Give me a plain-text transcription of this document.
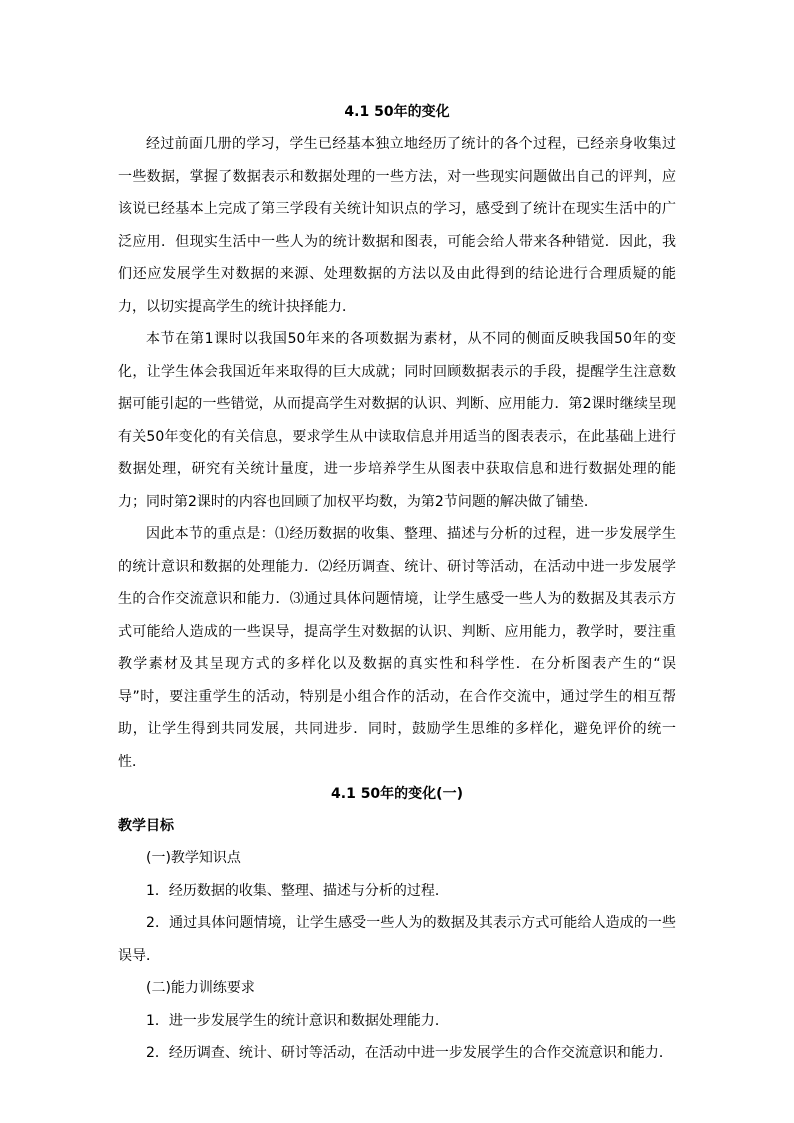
4.1 50年的变化

经过前面几册的学习，学生已经基本独立地经历了统计的各个过程，已经亲身收集过一些数据，掌握了数据表示和数据处理的一些方法，对一些现实问题做出自己的评判，应该说已经基本上完成了第三学段有关统计知识点的学习，感受到了统计在现实生活中的广泛应用．但现实生活中一些人为的统计数据和图表，可能会给人带来各种错觉．因此，我们还应发展学生对数据的来源、处理数据的方法以及由此得到的结论进行合理质疑的能力，以切实提高学生的统计抉择能力．

本节在第1课时以我国50年来的各项数据为素材，从不同的侧面反映我国50年的变化，让学生体会我国近年来取得的巨大成就；同时回顾数据表示的手段，提醒学生注意数据可能引起的一些错觉，从而提高学生对数据的认识、判断、应用能力．第2课时继续呈现有关50年变化的有关信息，要求学生从中读取信息并用适当的图表表示，在此基础上进行数据处理，研究有关统计量度，进一步培养学生从图表中获取信息和进行数据处理的能力；同时第2课时的内容也回顾了加权平均数，为第2节问题的解决做了铺垫．

因此本节的重点是：⑴经历数据的收集、整理、描述与分析的过程，进一步发展学生的统计意识和数据的处理能力．⑵经历调查、统计、研讨等活动，在活动中进一步发展学生的合作交流意识和能力．⑶通过具体问题情境，让学生感受一些人为的数据及其表示方式可能给人造成的一些误导，提高学生对数据的认识、判断、应用能力，教学时，要注重教学素材及其呈现方式的多样化以及数据的真实性和科学性．在分析图表产生的“误导”时，要注重学生的活动，特别是小组合作的活动，在合作交流中，通过学生的相互帮助，让学生得到共同发展，共同进步．同时，鼓励学生思维的多样化，避免评价的统一性．

4.1 50年的变化(一)
教学目标

(一)教学知识点

1．经历数据的收集、整理、描述与分析的过程．

2．通过具体问题情境，让学生感受一些人为的数据及其表示方式可能给人造成的一些误导．

(二)能力训练要求

1．进一步发展学生的统计意识和数据处理能力．

2．经历调查、统计、研讨等活动，在活动中进一步发展学生的合作交流意识和能力．
